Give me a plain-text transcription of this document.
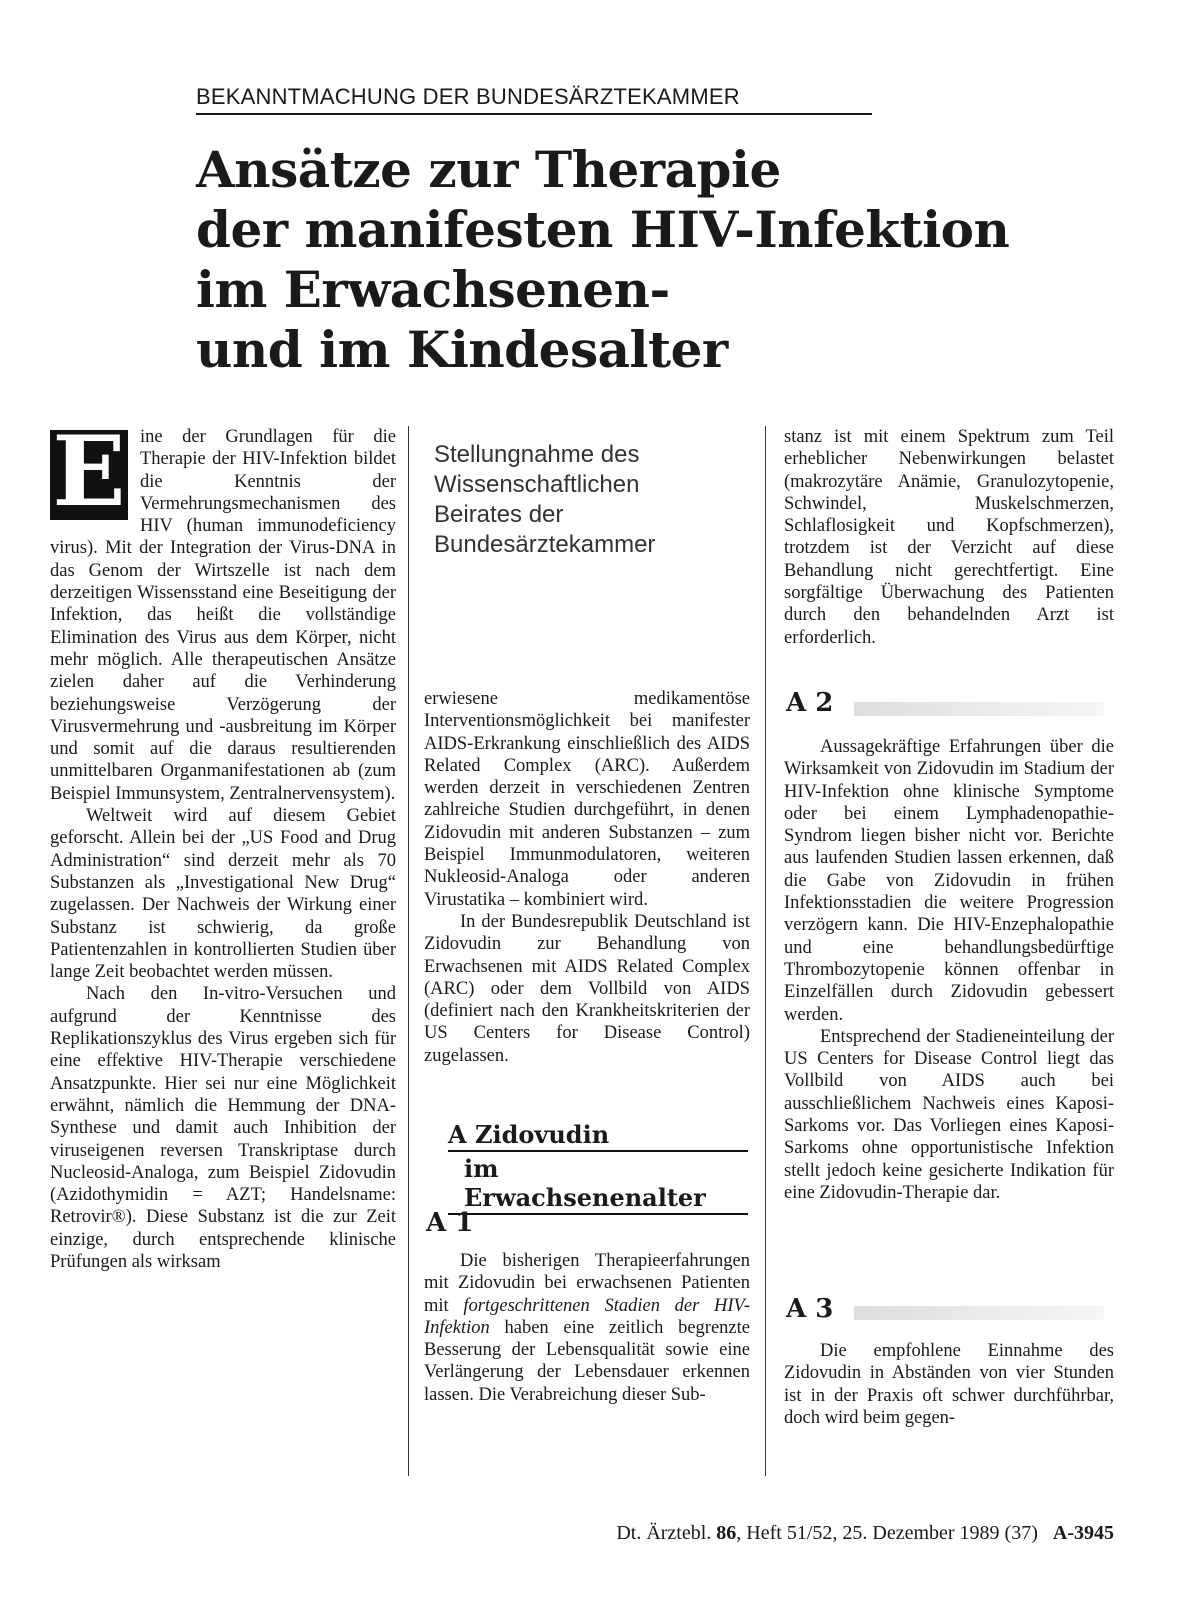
BEKANNTMACHUNG DER BUNDESÄRZTEKAMMER
Ansätze zur Therapie
der manifesten HIV-Infektion
im Erwachsenen-
und im Kindesalter
E ine der Grundlagen für die Therapie der HIV-Infektion bildet die Kenntnis der Vermehrungsmechanismen des HIV (human immunodeficiency virus). Mit der Integration der Virus-DNA in das Genom der Wirtszelle ist nach dem derzeitigen Wissensstand eine Beseitigung der Infektion, das heißt die vollständige Elimination des Virus aus dem Körper, nicht mehr möglich. Alle therapeutischen Ansätze zielen daher auf die Verhinderung beziehungsweise Verzögerung der Virusvermehrung und -ausbreitung im Körper und somit auf die daraus resultierenden unmittelbaren Organmanifestationen ab (zum Beispiel Immunsystem, Zentralnervensystem).

Weltweit wird auf diesem Gebiet geforscht. Allein bei der „US Food and Drug Administration“ sind derzeit mehr als 70 Substanzen als „Investigational New Drug“ zugelassen. Der Nachweis der Wirkung einer Substanz ist schwierig, da große Patientenzahlen in kontrollierten Studien über lange Zeit beobachtet werden müssen.

Nach den In-vitro-Versuchen und aufgrund der Kenntnisse des Replikationszyklus des Virus ergeben sich für eine effektive HIV-Therapie verschiedene Ansatzpunkte. Hier sei nur eine Möglichkeit erwähnt, nämlich die Hemmung der DNA-Synthese und damit auch Inhibition der viruseigenen reversen Transkriptase durch Nucleosid-Analoga, zum Beispiel Zidovudin (Azidothymidin = AZT; Handelsname: Retrovir®). Diese Substanz ist die zur Zeit einzige, durch entsprechende klinische Prüfungen als wirksam

Stellungnahme des Wissenschaftlichen Beirates der Bundesärztekammer

erwiesene medikamentöse Interventionsmöglichkeit bei manifester AIDS-Erkrankung einschließlich des AIDS Related Complex (ARC). Außerdem werden derzeit in verschiedenen Zentren zahlreiche Studien durchgeführt, in denen Zidovudin mit anderen Substanzen – zum Beispiel Immunmodulatoren, weiteren Nukleosid-Analoga oder anderen Virustatika – kombiniert wird.

In der Bundesrepublik Deutschland ist Zidovudin zur Behandlung von Erwachsenen mit AIDS Related Complex (ARC) oder dem Vollbild von AIDS (definiert nach den Krankheitskriterien der US Centers for Disease Control) zugelassen.

A Zidovudin
im Erwachsenenalter
A 1

Die bisherigen Therapieerfahrungen mit Zidovudin bei erwachsenen Patienten mit fortgeschrittenen Stadien der HIV-Infektion haben eine zeitlich begrenzte Besserung der Lebensqualität sowie eine Verlängerung der Lebensdauer erkennen lassen. Die Verabreichung dieser Sub-

stanz ist mit einem Spektrum zum Teil erheblicher Nebenwirkungen belastet (makrozytäre Anämie, Granulozytopenie, Schwindel, Muskelschmerzen, Schlaflosigkeit und Kopfschmerzen), trotzdem ist der Verzicht auf diese Behandlung nicht gerechtfertigt. Eine sorgfältige Überwachung des Patienten durch den behandelnden Arzt ist erforderlich.

A 2

Aussagekräftige Erfahrungen über die Wirksamkeit von Zidovudin im Stadium der HIV-Infektion ohne klinische Symptome oder bei einem Lymphadenopathie-Syndrom liegen bisher nicht vor. Berichte aus laufenden Studien lassen erkennen, daß die Gabe von Zidovudin in frühen Infektionsstadien die weitere Progression verzögern kann. Die HIV-Enzephalopathie und eine behandlungsbedürftige Thrombozytopenie können offenbar in Einzelfällen durch Zidovudin gebessert werden.

Entsprechend der Stadieneinteilung der US Centers for Disease Control liegt das Vollbild von AIDS auch bei ausschließlichem Nachweis eines Kaposi-Sarkoms vor. Das Vorliegen eines Kaposi-Sarkoms ohne opportunistische Infektion stellt jedoch keine gesicherte Indikation für eine Zidovudin-Therapie dar.

A 3

Die empfohlene Einnahme des Zidovudin in Abständen von vier Stunden ist in der Praxis oft schwer durchführbar, doch wird beim gegen-

Dt. Ärztebl. 86, Heft 51/52, 25. Dezember 1989 (37) A-3945
